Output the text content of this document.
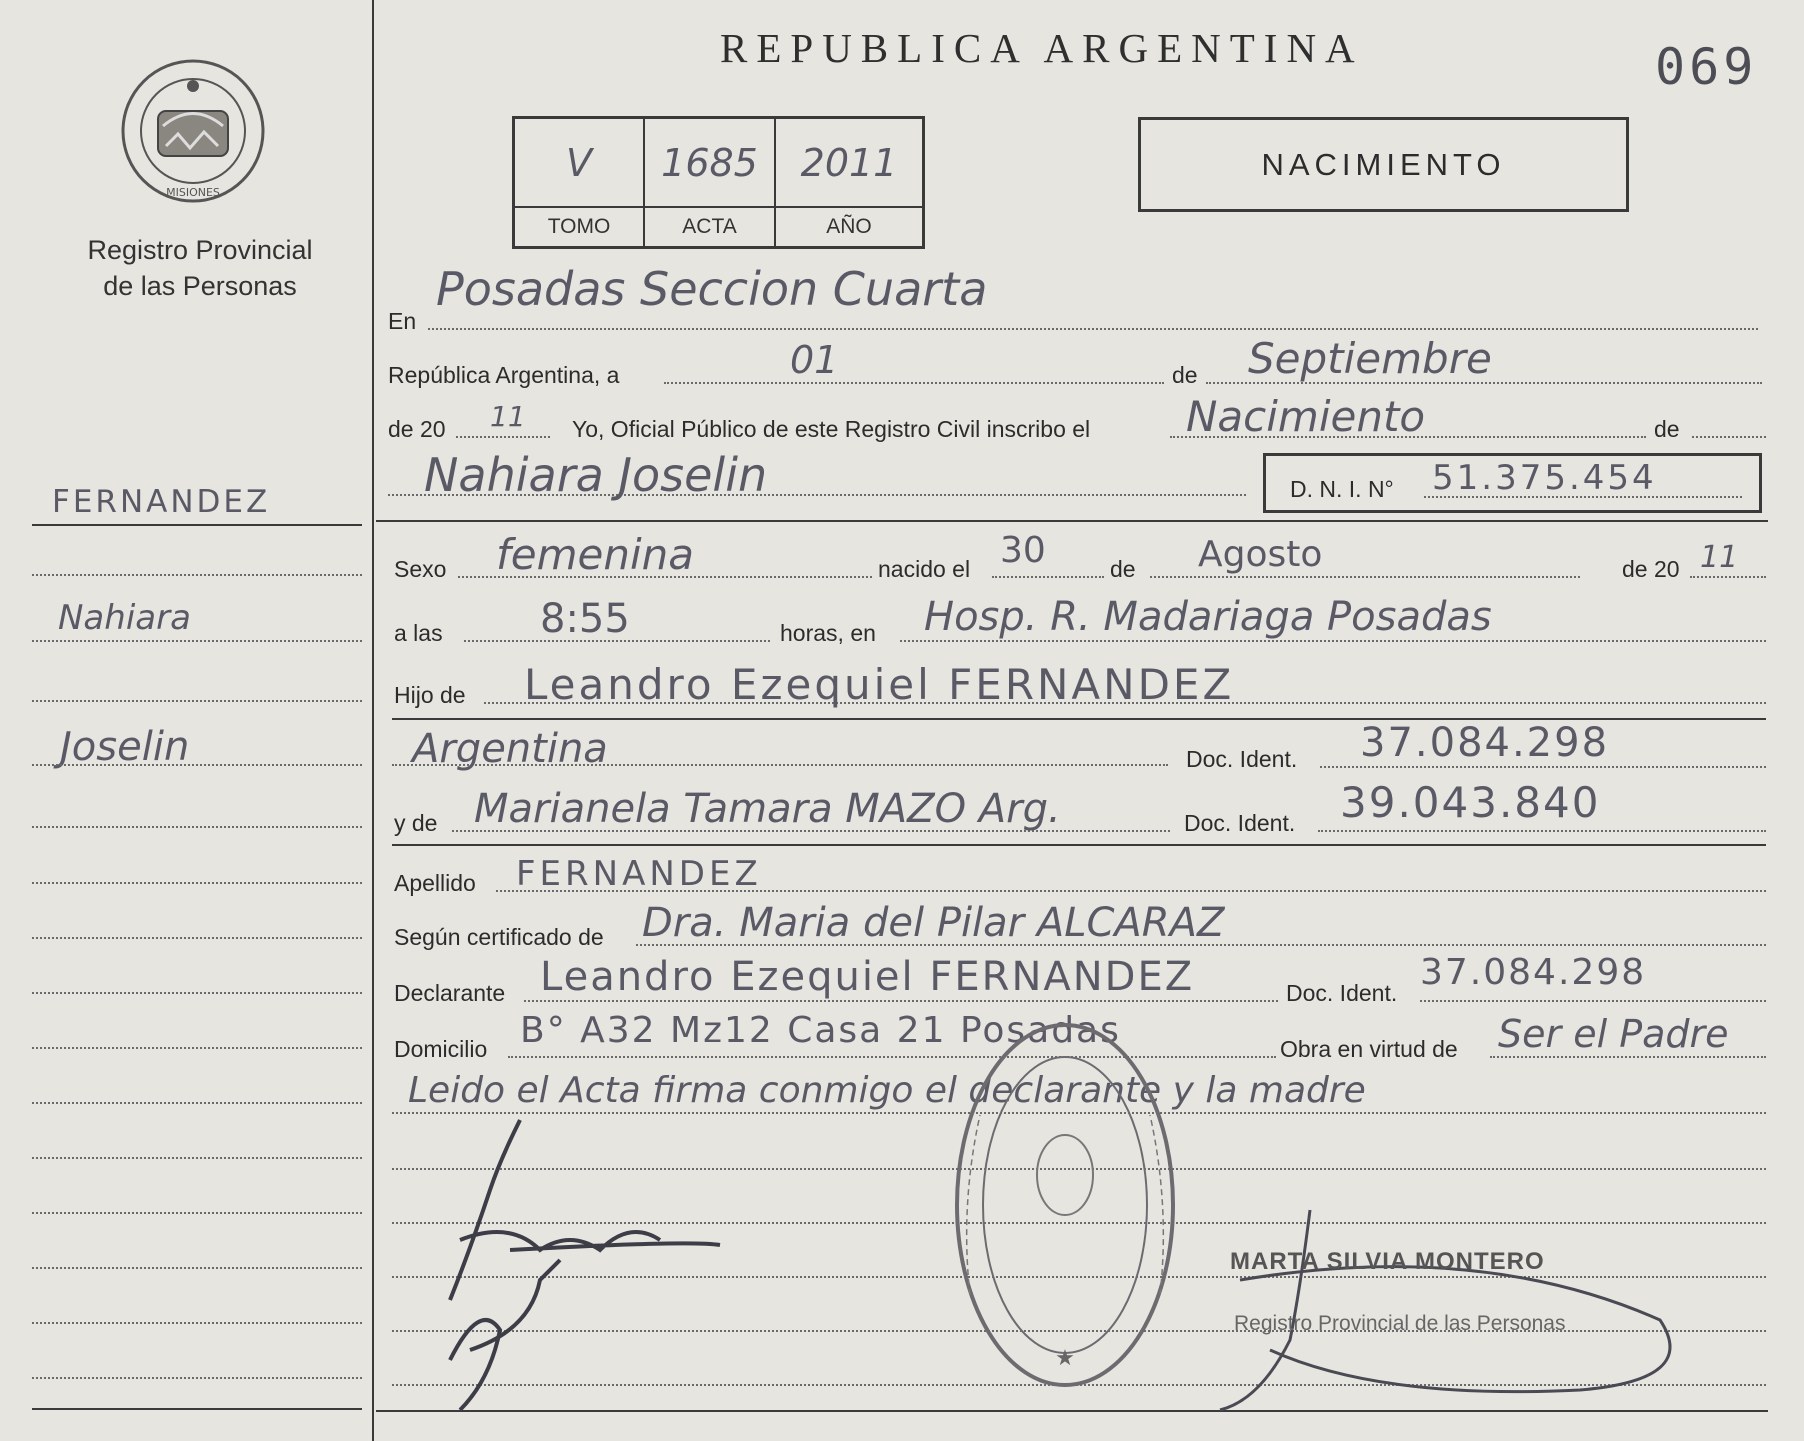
MISIONES
Registro Provincial
de las Personas
FERNANDEZ
Nahiara
Joselin
REPUBLICA ARGENTINA	069
V	1685	2011
TOMO	ACTA	AÑO
NACIMIENTO
En
Posadas Seccion Cuarta
República Argentina, a	01	de Septiembre
de 20 11 Yo, Oficial Público de este Registro Civil inscribo el Nacimiento	de
Nahiara Joselin	D. N. I. N° 51.375.454
Sexo femenina	nacido el 30	de Agosto	de 20 11
a las 8:55	horas, en Hosp. R. Madariaga Posadas
Hijo de Leandro Ezequiel FERNANDEZ
Argentina	Doc. Ident. 37.084.298
y de Marianela Tamara MAZO Arg.	Doc. Ident. 39.043.840
Apellido FERNANDEZ
Según certificado de Dra. Maria del Pilar ALCARAZ
Declarante Leandro Ezequiel FERNANDEZ	Doc. Ident. 37.084.298
Domicilio B° A32 Mz12 Casa 21 Posadas	Obra en virtud de Ser el Padre
Leido el Acta firma conmigo el declarante y la madre
★
MARTA SILVIA MONTERO
Registro Provincial de las Personas
